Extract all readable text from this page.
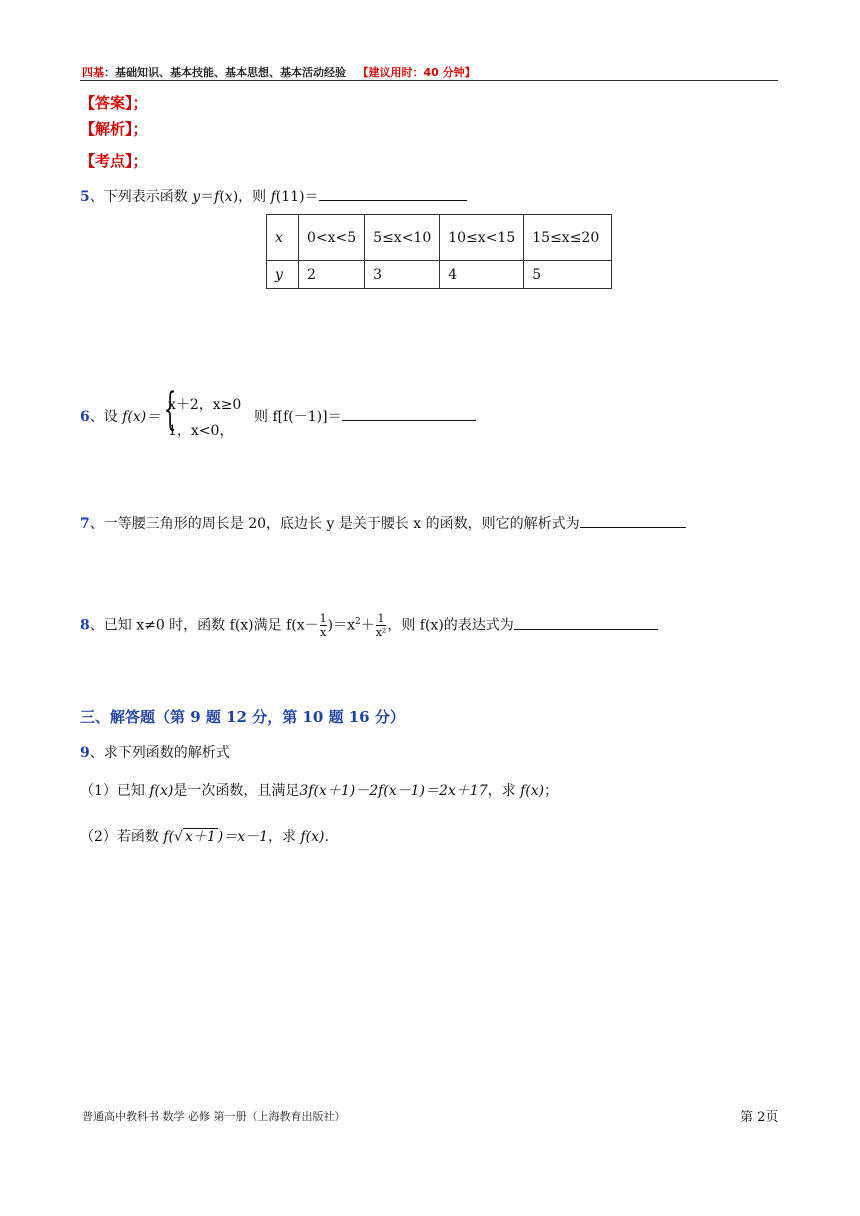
四基：基础知识、基本技能、基本思想、基本活动经验 【建议用时：40 分钟】
【答案】；
【解析】；
【考点】；
5、下列表示函数 y＝f(x)，则 f(11)＝
x	0<x<5	5≤x<10	10≤x<15	15≤x≤20
y	2	3	4	5
6、设 f(x)＝ {
x＋2，x≥0
1，x<0，
则 f[f(－1)]＝
7、一等腰三角形的周长是 20，底边长 y 是关于腰长 x 的函数，则它的解析式为
8、已知 x≠0 时，函数 f(x)满足 $f(x- \frac{1}{x} )=x^2+ \frac{1}{\text{x²}}$ ，则 f(x)的表达式为
三、解答题（第 9 题 12 分，第 10 题 16 分）
9、求下列函数的解析式
（1）已知 f(x)是一次函数，且满足3f(x＋1)－2f(x－1)＝2x＋17，求 f(x)；
（2）若函数 f(√ x＋1 )＝x－1，求 f(x).
普通高中教科书 数学 必修 第一册（上海教育出版社）	第 2页
